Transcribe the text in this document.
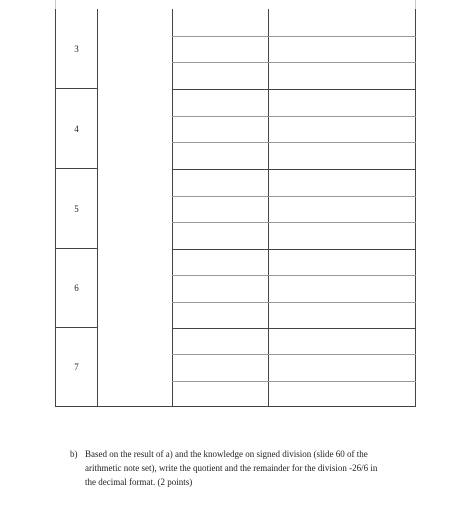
3
4
5
6
7
b) Based on the result of a) and the knowledge on signed division (slide 60 of the
arithmetic note set), write the quotient and the remainder for the division -26/6 in
the decimal format. (2 points)
